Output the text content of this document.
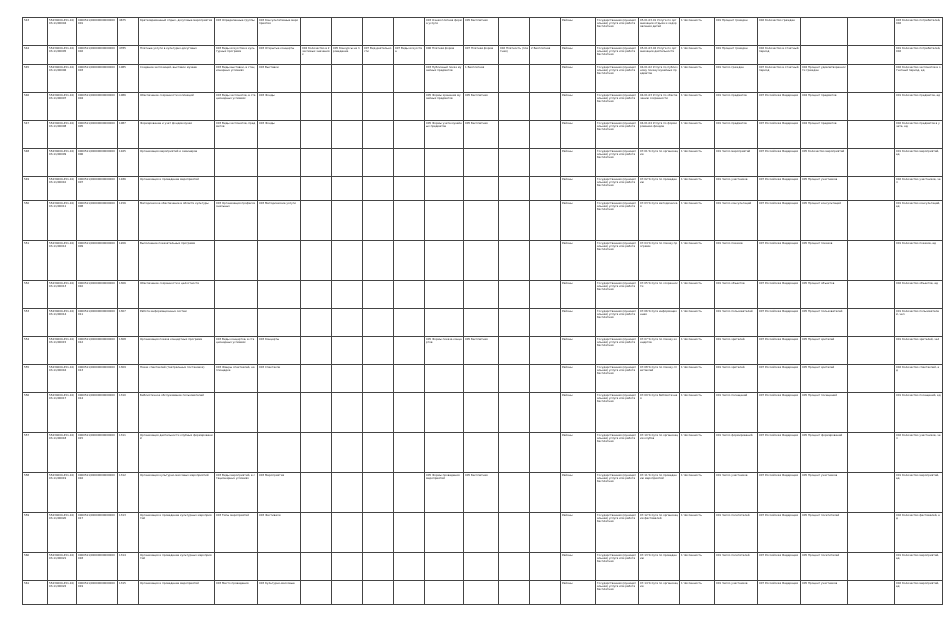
543	55434000-451-10/03-11/00004	0000511/00000000000000001	4675	Кратковременный отдых, досуговые мероприятия	003 Определенные группы	003 Консультативные мероприятия					003 Очная платная форма услуги	005 Бесплатная			Районы	Государственная (муниципальная) услуга или работа бесплатная	05.01.03.01 Услуга по организации отдыха и оздоровления детей	1 Численность	001 Процент граждан	002 Количество граждан			003 Количество потребителей, 002
544	55434000-451-10/03-11/00005	0000511/00000000000000002	4785	Платные услуги в культурно-досуговых	003 Виды искусства и культурных программ	003 Открытые концерты	004 Количество в 2 числовых значениях	005 Конкурсы на проведение	007 Вид деятельности	007 Виды искусства	006 Платная форма	007 Платная форма	002 Платность (платная)	2 Бесплатная	Районы	Государственная (муниципальная) услуга или работа бесплатная	05.01.03.02 Услуга по организации деятельности	1 Численность	001 Процент граждан	002 Количество в отчетный период			001 Количество потребителей, 002
545	55434000-451-10/03-11/00006	0000511/00000000000000003	1085	Создание экспозиций, выставок музеев	003 Виды выставки, в стационарных условиях	003 Выставки					003 Публичный показ музейных предметов	1 Бесплатная			Районы	Государственная (муниципальная) услуга или работа бесплатная	04.01.02 Услуга по публичному показу музейных предметов	1 Численность	001 Число граждан	007 Количество в отчетный период	004 Процент удовлетворенности граждан		002 Количество экспонатов в отчетный период, ед
546	55434000-451-10/03-11/00007	0000511/00000000000000004	1086	Обеспечение сохранности коллекций	003 Виды экспонатов, в стационарных условиях	003 Фонды					005 Формы хранения музейных предметов	005 Бесплатная			Районы	Государственная (муниципальная) услуга или работа бесплатная	04.01.03 Услуга по обеспечению сохранности	1 Численность	001 Число предметов	007 Российская Федерация	004 Процент предметов		001 Количество предметов, ед
547	55434000-451-10/03-11/00008	0000511/00000000000000005	1087	Формирование и учет фондов музея	003 Виды экспонатов, предметов	003 Фонды					005 Формы учета музейных предметов	005 Бесплатная			Районы	Государственная (муниципальная) услуга или работа бесплатная	04.01.04 Услуга по формированию фондов	1 Численность	001 Число предметов	007 Российская Федерация	004 Процент предметов		002 Количество предметов в учете, ед
548	55434000-451-10/03-11/00009	0000511/00000000000000006	1165	Организация мероприятий и семинаров											Районы	Государственная (муниципальная) услуга или работа бесплатная	07.01 Услуга по организации	1 Численность	001 Число мероприятий	007 Российская Федерация	005 Количество мероприятий		001 Количество мероприятий, ед
549	55434000-451-10/03-11/00010	0000511/00000000000000007	1186	Организация и проведение мероприятий											Районы	Государственная (муниципальная) услуга или работа бесплатная	07.02 Услуга по проведению	1 Численность	001 Число участников	007 Российская Федерация	005 Процент участников		002 Количество участников, чел
550	55434000-451-10/03-11/00011	0000511/00000000000000008	1156	Методическое обеспечение в области культуры	003 Организация профессиональных	003 Методические услуги									Районы	Государственная (муниципальная) услуга или работа бесплатная	07.03 Услуга методическая	1 Численность	001 Число консультаций	007 Российская Федерация	005 Процент консультаций		001 Количество консультаций, ед
551	55434000-451-10/03-11/00012	0000511/00000000000000009	1206	Выполнение показательных программ											Районы	Государственная (муниципальная) услуга или работа бесплатная	07.04 Услуга по показу программ	1 Численность	001 Число показов	007 Российская Федерация	005 Процент показов		001 Количество показов, ед
552	55434000-451-10/03-11/00013	0000511/00000000000000010	1306	Обеспечение сохранности и целостности											Районы	Государственная (муниципальная) услуга или работа бесплатная	07.05 Услуга по сохранности	1 Численность	001 Число объектов	007 Российская Федерация	005 Процент объектов		002 Количество объектов, ед
553	55434000-451-10/03-11/00014	0000511/00000000000000011	1307	Работа информационных систем											Районы	Государственная (муниципальная) услуга или работа бесплатная	07.06 Услуга информационная	1 Численность	001 Число пользователей	007 Российская Федерация	005 Процент пользователей		001 Количество пользователей, чел
554	55434000-451-10/03-11/00015	0000511/00000000000000012	1308	Организация показа концертных программ	003 Виды концертов, в стационарных условиях	003 Концерты					005 Формы показа концертов	005 Бесплатная			Районы	Государственная (муниципальная) услуга или работа бесплатная	07.07 Услуга по показу концертов	1 Численность	001 Число зрителей	007 Российская Федерация	005 Процент зрителей		001 Количество зрителей, чел
555	55434000-451-10/03-11/00016	0000511/00000000000000013	1309	Показ спектаклей (театральных постановок)	003 Жанры спектаклей, на площадке	003 Спектакли									Районы	Государственная (муниципальная) услуга или работа бесплатная	07.08 Услуга по показу спектаклей	1 Численность	001 Число зрителей	007 Российская Федерация	005 Процент зрителей		002 Количество спектаклей, ед
556	55434000-451-10/03-11/00017	0000511/00000000000000014	1310	Библиотечное обслуживание пользователей											Районы	Государственная (муниципальная) услуга или работа бесплатная	07.09 Услуга библиотечная	1 Численность	001 Число посещений	007 Российская Федерация	005 Процент посещений		001 Количество посещений, ед
557	55434000-451-10/03-11/00018	0000511/00000000000000015	1311	Организация деятельности клубных формирований											Районы	Государственная (муниципальная) услуга или работа бесплатная	07.10 Услуга по организации клубов	1 Численность	001 Число формирований	007 Российская Федерация	005 Процент формирований		002 Количество участников, чел
558	55434000-451-10/03-11/00019	0000511/00000000000000016	1312	Организация культурно-массовых мероприятий	003 Виды мероприятий, в стационарных условиях	003 Мероприятия					005 Формы проведения мероприятий	005 Бесплатная			Районы	Государственная (муниципальная) услуга или работа бесплатная	07.11 Услуга по проведению мероприятий	1 Численность	001 Число участников	007 Российская Федерация	005 Процент участников		001 Количество мероприятий, ед
559	55434000-451-10/03-11/00020	0000511/00000000000000017	1313	Организация и проведение культурных мероприятий	003 Типы мероприятий	003 Фестивали									Районы	Государственная (муниципальная) услуга или работа бесплатная	07.12 Услуга по организации фестивалей	1 Численность	001 Число посетителей	007 Российская Федерация	005 Процент посетителей		002 Количество фестивалей, ед
560	55434000-451-10/03-11/00021	0000511/00000000000000018	1314	Организация и проведение культурных мероприятий											Районы	Государственная (муниципальная) услуга или работа бесплатная	07.13 Услуга по проведению	1 Численность	001 Число посетителей	007 Российская Федерация	005 Процент посетителей		001 Количество мероприятий, ед
561	55434000-451-10/03-11/00022	0000511/00000000000000019	1315	Организация и проведение мероприятий	003 Место проведения	003 Культурно-массовые									Районы	Государственная (муниципальная) услуга или работа бесплатная	07.14 Услуга по организации	1 Численность	001 Число участников	007 Российская Федерация	005 Процент участников		002 Количество мероприятий, ед
